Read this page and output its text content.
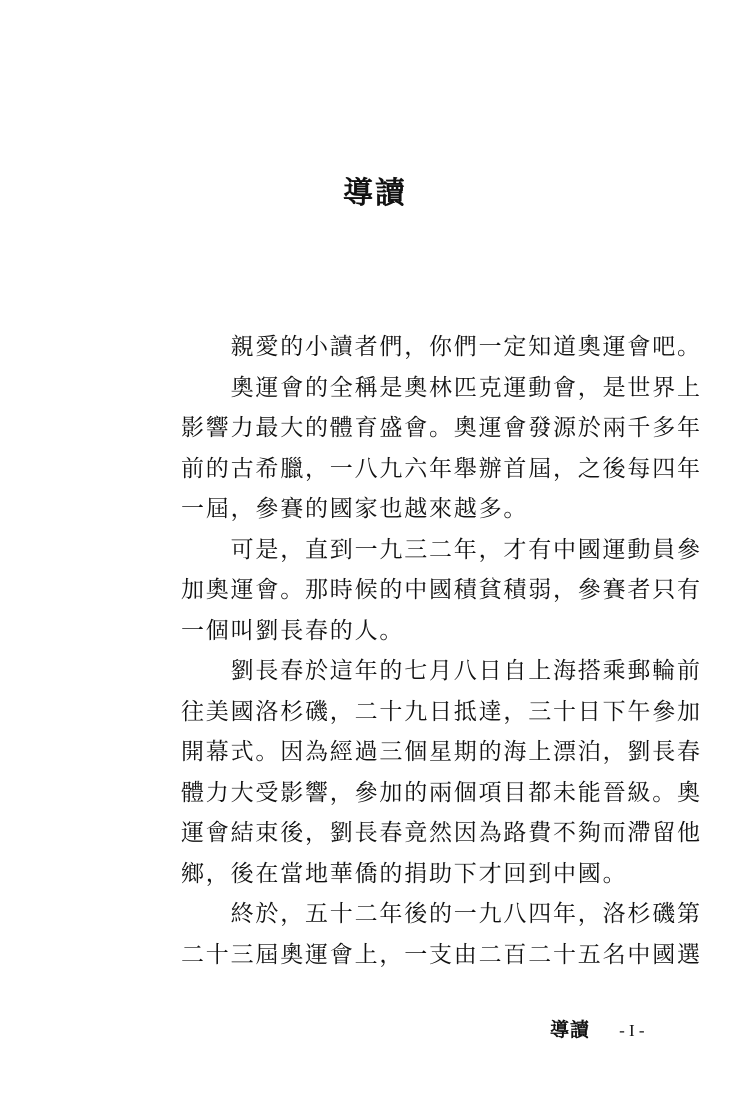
導讀
　　親愛的小讀者們，你們一定知道奧運會吧。
　　奧運會的全稱是奧林匹克運動會，是世界上
影響力最大的體育盛會。奧運會發源於兩千多年
前的古希臘，一八九六年舉辦首屆，之後每四年
一屆，參賽的國家也越來越多。
　　可是，直到一九三二年，才有中國運動員參
加奧運會。那時候的中國積貧積弱，參賽者只有
一個叫劉長春的人。
　　劉長春於這年的七月八日自上海搭乘郵輪前
往美國洛杉磯，二十九日抵達，三十日下午參加
開幕式。因為經過三個星期的海上漂泊，劉長春
體力大受影響，參加的兩個項目都未能晉級。奧
運會結束後，劉長春竟然因為路費不夠而滯留他
鄉，後在當地華僑的捐助下才回到中國。
　　終於，五十二年後的一九八四年，洛杉磯第
二十三屆奧運會上，一支由二百二十五名中國選
導讀 - I -
